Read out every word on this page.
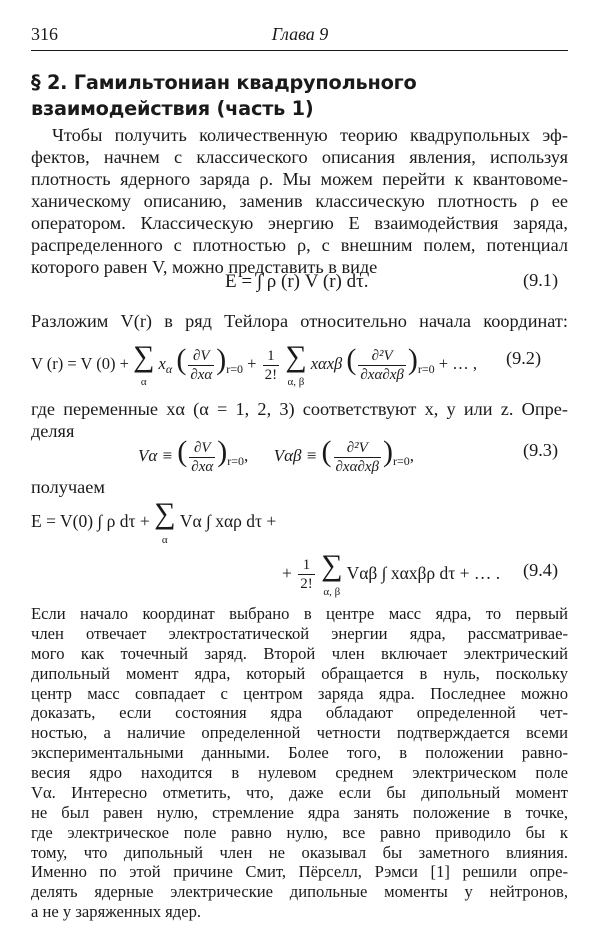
316	Глава 9
§ 2. Гамильтониан квадрупольного
взаимодействия (часть 1)
Чтобы получить количественную теорию квадрупольных эф-
фектов, начнем с классического описания явления, используя
плотность ядерного заряда ρ. Мы можем перейти к квантовоме-
ханическому описанию, заменив классическую плотность ρ ее
оператором. Классическую энергию E взаимодействия заряда,
распределенного с плотностью ρ, с внешним полем, потенциал
которого равен V, можно представить в виде
E = ∫ ρ (r) V (r) dτ.	(9.1)
Разложим V(r) в ряд Тейлора относительно начала координат:
V (r) = V (0) + ∑
α $x_\alpha$ ( $\frac{\partial V}{\partial x\alpha} )_{r=0} + \frac{1}{2!}$ ∑
α, β xαxβ ( $\frac{\text{∂²V}}{\partial x\alpha\partial x\beta} )_{r=0}$ + … , (9.2)
где переменные xα (α = 1, 2, 3) соответствуют x, y или z. Опре-
деляя
Vα ≡ ( $\frac{\partial V}{\partial x\alpha} )_{r=0}$,      Vαβ ≡ ( $\frac{\text{∂²V}}{\partial x\alpha\partial x\beta} )_{r=0}$,	(9.3)
получаем
E = V(0) ∫ ρ dτ + ∑
α Vα ∫ xαρ dτ +
+ $\frac{1}{2!}$ ∑
α, β Vαβ ∫ xαxβρ dτ + … . (9.4)
Если начало координат выбрано в центре масс ядра, то первый
член отвечает электростатической энергии ядра, рассматривае-
мого как точечный заряд. Второй член включает электрический
дипольный момент ядра, который обращается в нуль, поскольку
центр масс совпадает с центром заряда ядра. Последнее можно
доказать, если состояния ядра обладают определенной чет-
ностью, а наличие определенной четности подтверждается всеми
экспериментальными данными. Более того, в положении равно-
весия ядро находится в нулевом среднем электрическом поле
Vα. Интересно отметить, что, даже если бы дипольный момент
не был равен нулю, стремление ядра занять положение в точке,
где электрическое поле равно нулю, все равно приводило бы к
тому, что дипольный член не оказывал бы заметного влияния.
Именно по этой причине Смит, Пёрселл, Рэмси [1] решили опре-
делять ядерные электрические дипольные моменты у нейтронов,
а не у заряженных ядер.
